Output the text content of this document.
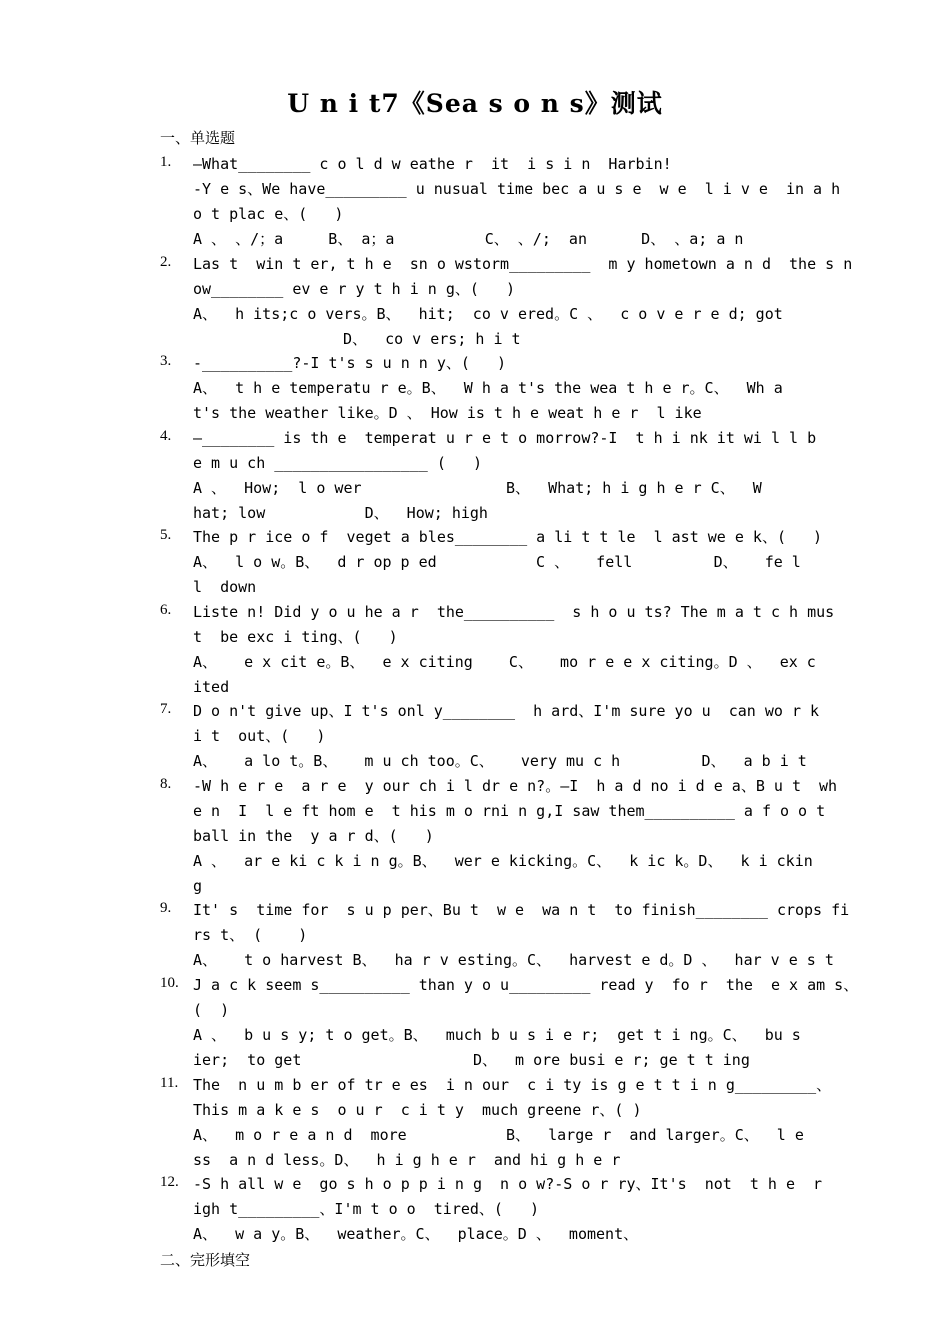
U n i t7《Sea s o n s》测试
一、单选题
1. —What________ c o l d w eathe r  it  i s i n  Harbin!
-Y e s、We have_________ u nusual time bec a u s e  w e  l i v e  in a h
o t plac e、(   )
A 、 、/；a     B、 a；a          C、 、/;  an      D、 、a; a n
2. Las t  win t er, t h e  sn o wstorm_________  m y hometown a n d  the s n
ow________ ev e r y t h i n g、(   )
A、  h its;c o vers。B、  hit;  co v ered。C 、  c o v e r e d; got
D、  co v ers; h i t
3. -__________?-I t's s u n n y、(   )
A、  t h e temperatu r e。B、  W h a t's the wea t h e r。C、  Wh a
t's the weather like。D 、 How is t h e weat h e r  l ike
4. —________ is th e  temperat u r e t o morrow?-I  t h i nk it wi l l b
e m u ch _________________ (   )
A 、  How;  l o wer                B、  What; h i g h e r C、  W
hat; low           D、  How; high
5. The p r ice o f  veget a bles________ a li t t le  l ast we e k、(   )
A、  l o w。B、  d r op p ed           C 、   fell         D、   fe l
l  down
6. Liste n! Did y o u he a r  the__________  s h o u ts? The m a t c h mus
t  be exc i ting、(   )
A、   e x cit e。B、  e x citing    C、   mo r e e x citing。D 、  ex c
ited
7. D o n't give up、I t's onl y________  h ard、I'm sure yo u  can wo r k
i t  out、(   )
A、   a lo t。B、   m u ch too。C、   very mu c h         D、  a b i t
8. -W h e r e  a r e  y our ch i l dr e n?。—I  h a d no i d e a、B u t  wh
e n  I  l e ft hom e  t his m o rni n g,I saw them__________ a f o o t
ball in the  y a r d、(   )
A 、  ar e ki c k i n g。B、  wer e kicking。C、  k ic k。D、  k i ckin
g
9. It' s  time for  s u p per、Bu t  w e  wa n t  to finish________ crops fi
rs t、 (    )
A、   t o harvest B、  ha r v esting。C、  harvest e d。D 、  har v e s t
10. J a c k seem s__________ than y o u_________ read y  fo r  the  e x am s、
(  )
A 、  b u s y; t o get。B、  much b u s i e r;  get t i ng。C、  bu s
ier;  to get                   D、  m ore busi e r; ge t t ing
11. The  n u m b er of tr e es  i n our  c i ty is g e t t i n g_________、
This m a k e s  o u r  c i t y  much greene r、( )
A、  m o r e a n d  more           B、  large r  and larger。C、  l e
ss  a n d less。D、  h i g h e r  and hi g h e r
12. -S h all w e  go s h o p p i n g  n o w?-S o r ry、It's  not  t h e  r
igh t_________、I'm t o o  tired、(   )
A、  w a y。B、  weather。C、  place。D 、  moment、
二、完形填空
